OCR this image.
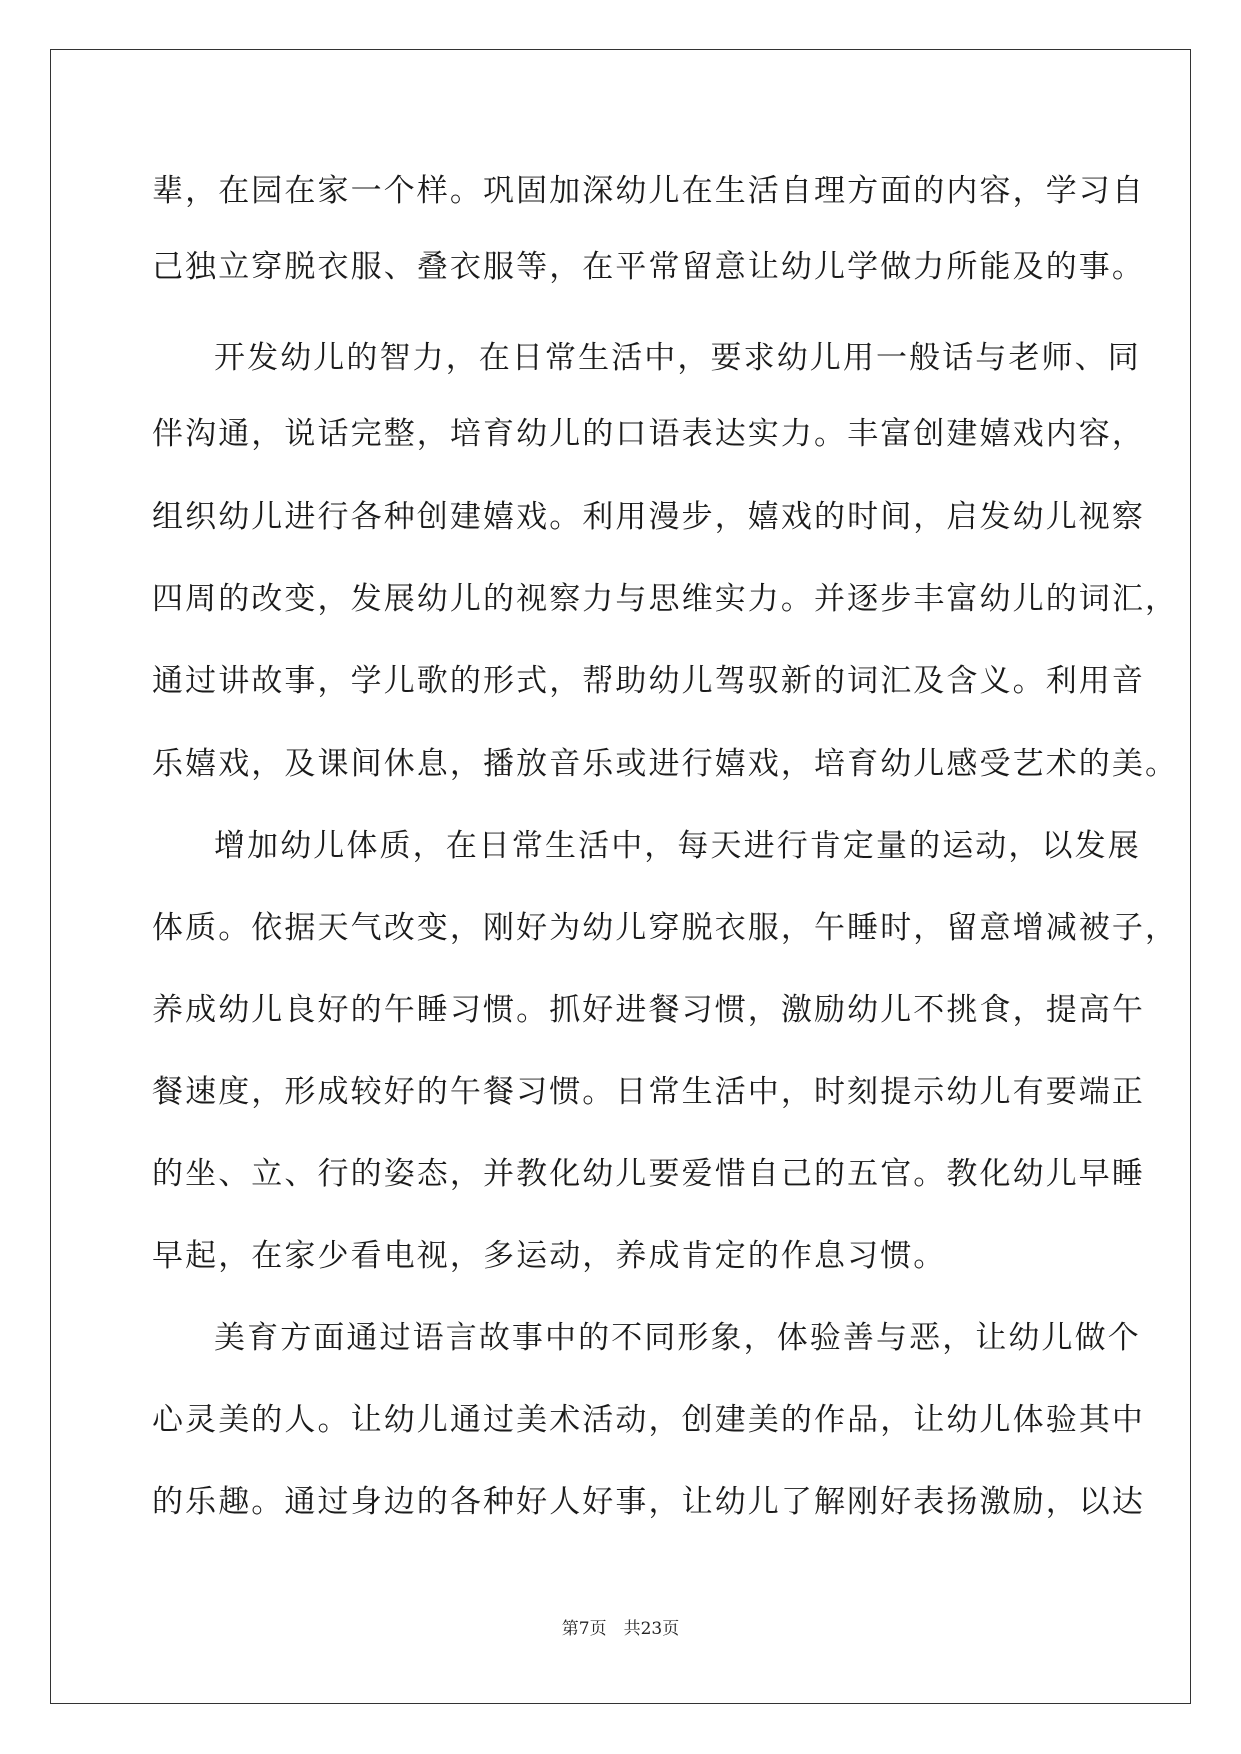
辈，在园在家一个样。巩固加深幼儿在生活自理方面的内容，学习自
己独立穿脱衣服、叠衣服等，在平常留意让幼儿学做力所能及的事。
开发幼儿的智力，在日常生活中，要求幼儿用一般话与老师、同
伴沟通，说话完整，培育幼儿的口语表达实力。丰富创建嬉戏内容，
组织幼儿进行各种创建嬉戏。利用漫步，嬉戏的时间，启发幼儿视察
四周的改变，发展幼儿的视察力与思维实力。并逐步丰富幼儿的词汇，
通过讲故事，学儿歌的形式，帮助幼儿驾驭新的词汇及含义。利用音
乐嬉戏，及课间休息，播放音乐或进行嬉戏，培育幼儿感受艺术的美。
增加幼儿体质，在日常生活中，每天进行肯定量的运动，以发展
体质。依据天气改变，刚好为幼儿穿脱衣服，午睡时，留意增减被子，
养成幼儿良好的午睡习惯。抓好进餐习惯，激励幼儿不挑食，提高午
餐速度，形成较好的午餐习惯。日常生活中，时刻提示幼儿有要端正
的坐、立、行的姿态，并教化幼儿要爱惜自己的五官。教化幼儿早睡
早起，在家少看电视，多运动，养成肯定的作息习惯。
美育方面通过语言故事中的不同形象，体验善与恶，让幼儿做个
心灵美的人。让幼儿通过美术活动，创建美的作品，让幼儿体验其中
的乐趣。通过身边的各种好人好事，让幼儿了解刚好表扬激励，以达
第7页　共23页
